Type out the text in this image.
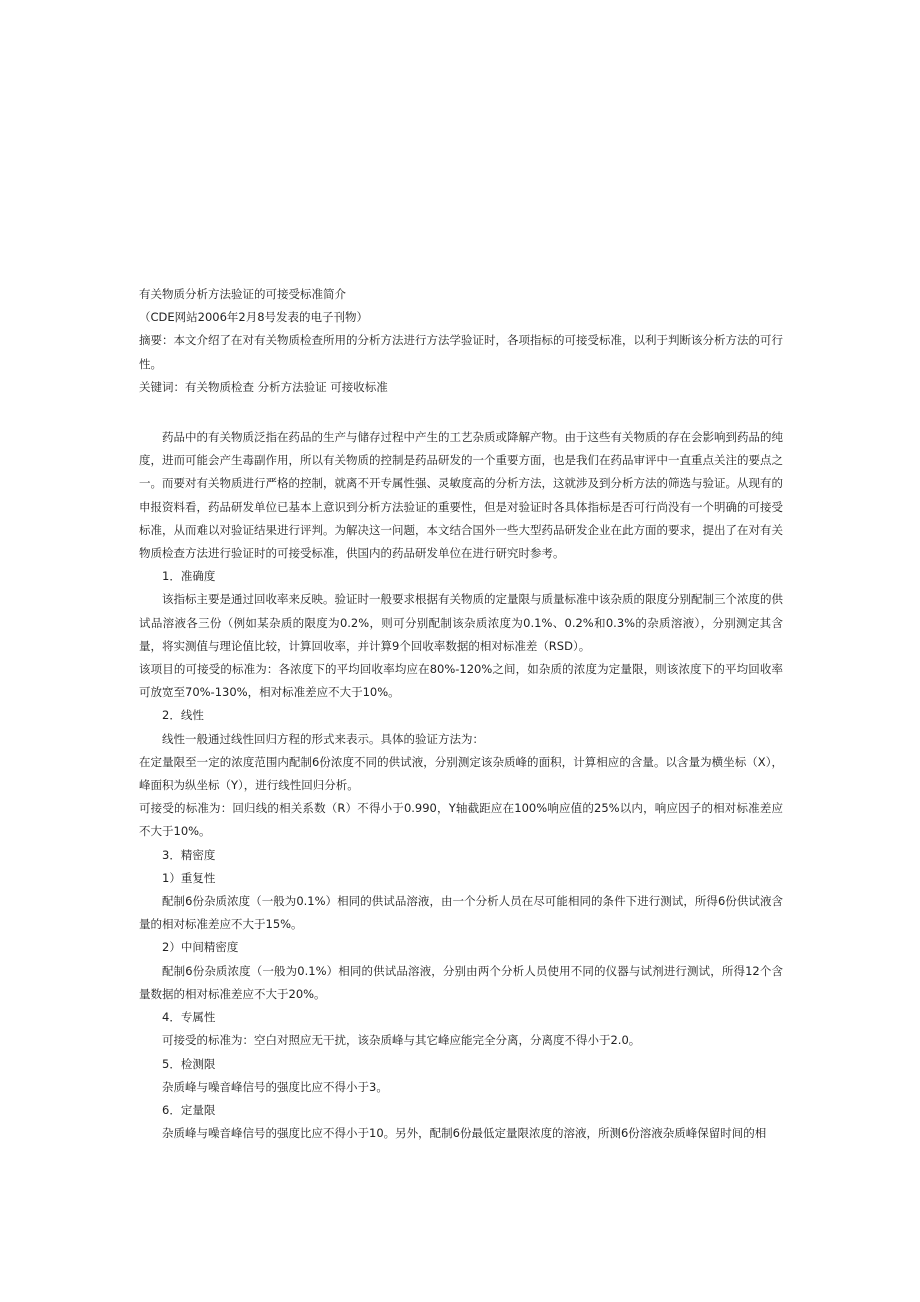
有关物质分析方法验证的可接受标准简介

（CDE网站2006年2月8号发表的电子刊物）

摘要：本文介绍了在对有关物质检查所用的分析方法进行方法学验证时，各项指标的可接受标准，以利于判断该分析方法的可行性。

关键词：有关物质检查 分析方法验证 可接收标准

药品中的有关物质泛指在药品的生产与储存过程中产生的工艺杂质或降解产物。由于这些有关物质的存在会影响到药品的纯度，进而可能会产生毒副作用，所以有关物质的控制是药品研发的一个重要方面，也是我们在药品审评中一直重点关注的要点之一。而要对有关物质进行严格的控制，就离不开专属性强、灵敏度高的分析方法，这就涉及到分析方法的筛选与验证。从现有的申报资料看，药品研发单位已基本上意识到分析方法验证的重要性，但是对验证时各具体指标是否可行尚没有一个明确的可接受标准，从而难以对验证结果进行评判。为解决这一问题，本文结合国外一些大型药品研发企业在此方面的要求，提出了在对有关物质检查方法进行验证时的可接受标准，供国内的药品研发单位在进行研究时参考。

1．准确度

该指标主要是通过回收率来反映。验证时一般要求根据有关物质的定量限与质量标准中该杂质的限度分别配制三个浓度的供试品溶液各三份（例如某杂质的限度为0.2%，则可分别配制该杂质浓度为0.1%、0.2%和0.3%的杂质溶液），分别测定其含量，将实测值与理论值比较，计算回收率，并计算9个回收率数据的相对标准差（RSD）。

该项目的可接受的标准为：各浓度下的平均回收率均应在80%-120%之间，如杂质的浓度为定量限，则该浓度下的平均回收率可放宽至70%-130%，相对标准差应不大于10%。

2．线性

线性一般通过线性回归方程的形式来表示。具体的验证方法为：

在定量限至一定的浓度范围内配制6份浓度不同的供试液，分别测定该杂质峰的面积，计算相应的含量。以含量为横坐标（X），峰面积为纵坐标（Y），进行线性回归分析。

可接受的标准为：回归线的相关系数（R）不得小于0.990，Y轴截距应在100%响应值的25%以内，响应因子的相对标准差应不大于10%。

3．精密度

1）重复性

配制6份杂质浓度（一般为0.1%）相同的供试品溶液，由一个分析人员在尽可能相同的条件下进行测试，所得6份供试液含量的相对标准差应不大于15%。

2）中间精密度

配制6份杂质浓度（一般为0.1%）相同的供试品溶液，分别由两个分析人员使用不同的仪器与试剂进行测试，所得12个含量数据的相对标准差应不大于20%。

4．专属性

可接受的标准为：空白对照应无干扰，该杂质峰与其它峰应能完全分离，分离度不得小于2.0。

5．检测限

杂质峰与噪音峰信号的强度比应不得小于3。

6．定量限

杂质峰与噪音峰信号的强度比应不得小于10。另外，配制6份最低定量限浓度的溶液，所测6份溶液杂质峰保留时间的相
